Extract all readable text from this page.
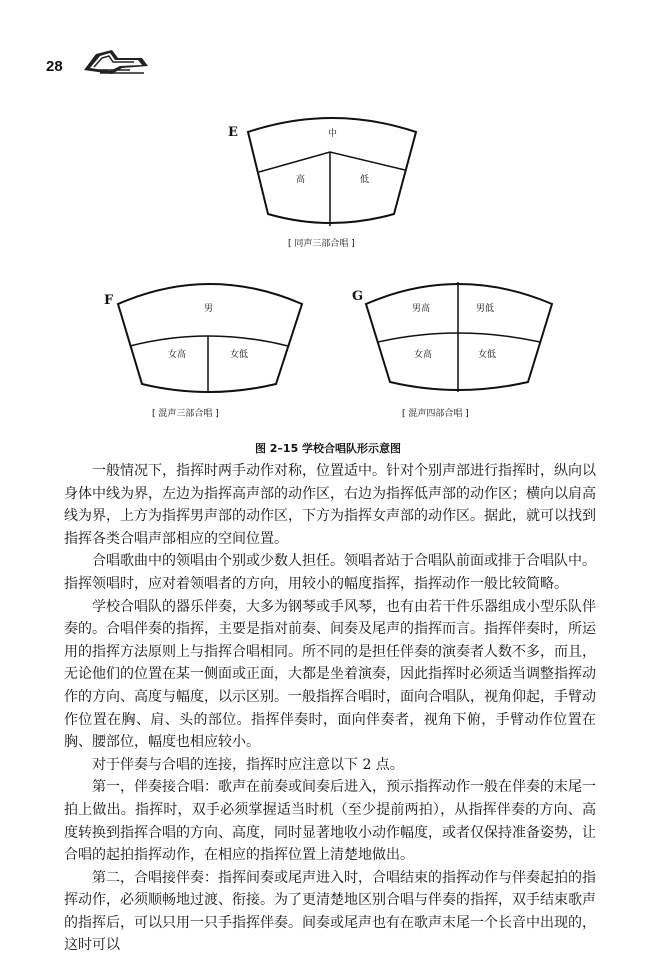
28
E	中
高	低
[ 同声三部合唱 ]
F
男
女高	女低
[ 混声三部合唱 ]
G
男高	男低
女高	女低
[ 混声四部合唱 ]
图 2–15 学校合唱队形示意图

一般情况下，指挥时两手动作对称，位置适中。针对个别声部进行指挥时，纵向以身体中线为界，左边为指挥高声部的动作区，右边为指挥低声部的动作区；横向以肩高线为界，上方为指挥男声部的动作区，下方为指挥女声部的动作区。据此，就可以找到指挥各类合唱声部相应的空间位置。

合唱歌曲中的领唱由个别或少数人担任。领唱者站于合唱队前面或排于合唱队中。指挥领唱时，应对着领唱者的方向，用较小的幅度指挥，指挥动作一般比较简略。

学校合唱队的器乐伴奏，大多为钢琴或手风琴，也有由若干件乐器组成小型乐队伴奏的。合唱伴奏的指挥，主要是指对前奏、间奏及尾声的指挥而言。指挥伴奏时，所运用的指挥方法原则上与指挥合唱相同。所不同的是担任伴奏的演奏者人数不多，而且，无论他们的位置在某一侧面或正面，大都是坐着演奏，因此指挥时必须适当调整指挥动作的方向、高度与幅度，以示区别。一般指挥合唱时，面向合唱队，视角仰起，手臂动作位置在胸、肩、头的部位。指挥伴奏时，面向伴奏者，视角下俯，手臂动作位置在胸、腰部位，幅度也相应较小。

对于伴奏与合唱的连接，指挥时应注意以下 2 点。

第一，伴奏接合唱：歌声在前奏或间奏后进入，预示指挥动作一般在伴奏的末尾一拍上做出。指挥时，双手必须掌握适当时机（至少提前两拍），从指挥伴奏的方向、高度转换到指挥合唱的方向、高度，同时显著地收小动作幅度，或者仅保持准备姿势，让合唱的起拍指挥动作，在相应的指挥位置上清楚地做出。

第二，合唱接伴奏：指挥间奏或尾声进入时，合唱结束的指挥动作与伴奏起拍的指挥动作，必须顺畅地过渡、衔接。为了更清楚地区别合唱与伴奏的指挥，双手结束歌声的指挥后，可以只用一只手指挥伴奏。间奏或尾声也有在歌声末尾一个长音中出现的，这时可以
